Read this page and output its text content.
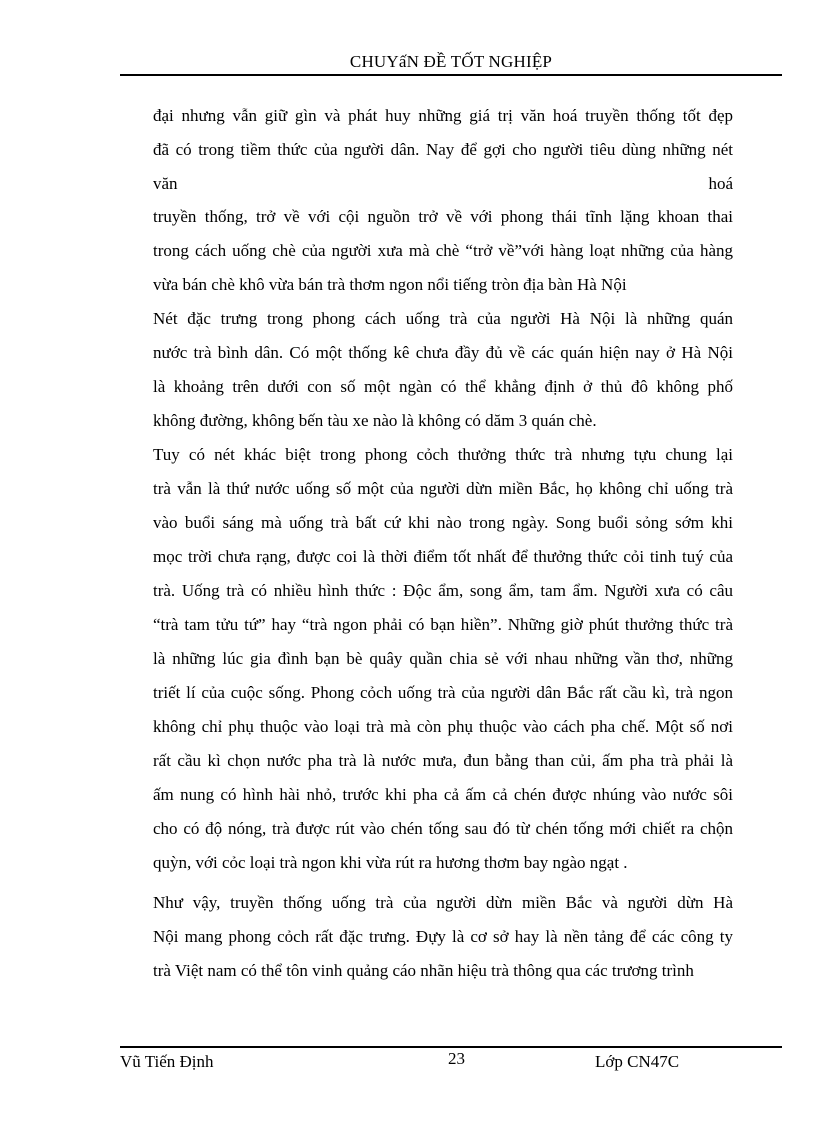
CHUYấN ĐỀ TỐT NGHIỆP
đại nhưng vẫn giữ gìn và phát huy những giá trị văn hoá truyền thống tốt đẹp
đã có trong tiềm thức của người dân. Nay để gợi cho người tiêu dùng những nét
văn	hoá
truyền thống, trở về với cội nguồn trở về với phong thái tĩnh lặng khoan thai
trong cách uống chè của người xưa mà chè “trở về”với hàng loạt những của hàng
vừa bán chè khô vừa bán trà thơm ngon nổi tiếng tròn địa bàn Hà Nội
Nét đặc trưng trong phong cách uống trà của người Hà Nội là những quán
nước trà bình dân. Có một thống kê chưa đầy đủ về các quán hiện nay ở Hà Nội
là khoảng trên dưới con số một ngàn có thể khẳng định ở thủ đô không phố
không đường, không bến tàu xe nào là không có dăm 3 quán chè.
Tuy có nét khác biệt trong phong cỏch thưởng thức trà nhưng tựu chung lại
trà vẫn là thứ nước uống số một của người dừn miền Bắc, họ không chỉ uống trà
vào buổi sáng mà uống trà bất cứ khi nào trong ngày. Song buổi sỏng sớm khi
mọc trời chưa rạng, được coi là thời điểm tốt nhất để thưởng thức cỏi tinh tuý của
trà. Uống trà có nhiều hình thức : Độc ẩm, song ẩm, tam ẩm. Người xưa có câu
“trà tam tửu tứ” hay “trà ngon phải có bạn hiền”. Những giờ phút thưởng thức trà
là những lúc gia đình bạn bè quây quần chia sẻ với nhau những vần thơ, những
triết lí của cuộc sống. Phong cỏch uống trà của người dân Bắc rất cầu kì, trà ngon
không chỉ phụ thuộc vào loại trà mà còn phụ thuộc vào cách pha chế. Một số nơi
rất cầu kì chọn nước pha trà là nước mưa, đun bằng than củi, ấm pha trà phải là
ấm nung có hình hài nhỏ, trước khi pha cả ấm cả chén được nhúng vào nước sôi
cho có độ nóng, trà được rút vào chén tống sau đó từ chén tống mới chiết ra chộn
quỳn, với cỏc loại trà ngon khi vừa rút ra hương thơm bay ngào ngạt .
Như vậy, truyền thống uống trà của người dừn miền Bắc và người dừn Hà
Nội mang phong cỏch rất đặc trưng. Đựy là cơ sở hay là nền tảng để các công ty
trà Việt nam có thể tôn vinh quảng cáo nhãn hiệu trà thông qua các trương trình
Vũ Tiến Định	23	Lớp CN47C
